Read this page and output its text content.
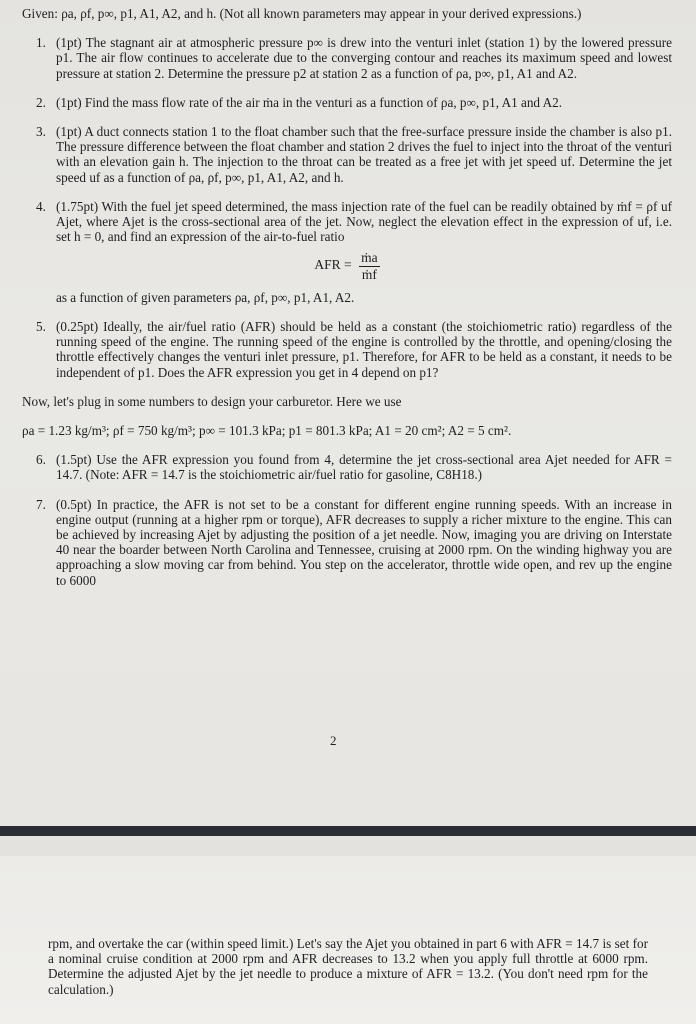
Given: ρa, ρf, p∞, p1, A1, A2, and h. (Not all known parameters may appear in your derived expressions.)
1. (1pt) The stagnant air at atmospheric pressure p∞ is drew into the venturi inlet (station 1) by the lowered pressure p1. The air flow continues to accelerate due to the converging contour and reaches its maximum speed and lowest pressure at station 2. Determine the pressure p2 at station 2 as a function of ρa, p∞, p1, A1 and A2.
2. (1pt) Find the mass flow rate of the air ṁa in the venturi as a function of ρa, p∞, p1, A1 and A2.
3. (1pt) A duct connects station 1 to the float chamber such that the free-surface pressure inside the chamber is also p1. The pressure difference between the float chamber and station 2 drives the fuel to inject into the throat of the venturi with an elevation gain h. The injection to the throat can be treated as a free jet with jet speed uf. Determine the jet speed uf as a function of ρa, ρf, p∞, p1, A1, A2, and h.
4. (1.75pt) With the fuel jet speed determined, the mass injection rate of the fuel can be readily obtained by ṁf = ρf uf Ajet, where Ajet is the cross-sectional area of the jet. Now, neglect the elevation effect in the expression of uf, i.e. set h = 0, and find an expression of the air-to-fuel ratio
AFR = $\frac{\text{ṁa}}{\text{ṁf}}$
as a function of given parameters ρa, ρf, p∞, p1, A1, A2.
5. (0.25pt) Ideally, the air/fuel ratio (AFR) should be held as a constant (the stoichiometric ratio) regardless of the running speed of the engine. The running speed of the engine is controlled by the throttle, and opening/closing the throttle effectively changes the venturi inlet pressure, p1. Therefore, for AFR to be held as a constant, it needs to be independent of p1. Does the AFR expression you get in 4 depend on p1?
Now, let's plug in some numbers to design your carburetor. Here we use
ρa = 1.23 kg/m³; ρf = 750 kg/m³; p∞ = 101.3 kPa; p1 = 801.3 kPa; A1 = 20 cm²; A2 = 5 cm².
6. (1.5pt) Use the AFR expression you found from 4, determine the jet cross-sectional area Ajet needed for AFR = 14.7. (Note: AFR = 14.7 is the stoichiometric air/fuel ratio for gasoline, C8H18.)
7. (0.5pt) In practice, the AFR is not set to be a constant for different engine running speeds. With an increase in engine output (running at a higher rpm or torque), AFR decreases to supply a richer mixture to the engine. This can be achieved by increasing Ajet by adjusting the position of a jet needle. Now, imaging you are driving on Interstate 40 near the boarder between North Carolina and Tennessee, cruising at 2000 rpm. On the winding highway you are approaching a slow moving car from behind. You step on the accelerator, throttle wide open, and rev up the engine to 6000
2
rpm, and overtake the car (within speed limit.) Let's say the Ajet you obtained in part 6 with AFR = 14.7 is set for a nominal cruise condition at 2000 rpm and AFR decreases to 13.2 when you apply full throttle at 6000 rpm. Determine the adjusted Ajet by the jet needle to produce a mixture of AFR = 13.2. (You don't need rpm for the calculation.)
